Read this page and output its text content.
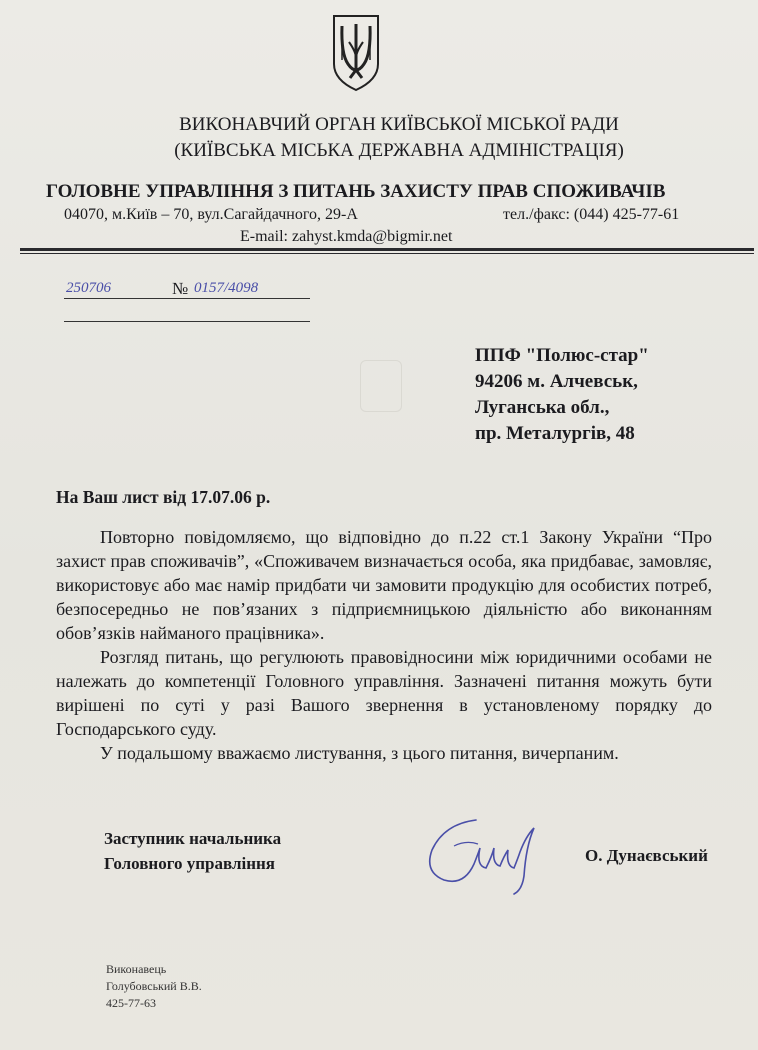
ВИКОНАВЧИЙ ОРГАН КИЇВСЬКОЇ МІСЬКОЇ РАДИ
(КИЇВСЬКА МІСЬКА ДЕРЖАВНА АДМІНІСТРАЦІЯ)
ГОЛОВНЕ УПРАВЛІННЯ З ПИТАНЬ ЗАХИСТУ ПРАВ СПОЖИВАЧІВ
04070, м.Київ – 70, вул.Сагайдачного, 29-А	тел./факс: (044) 425-77-61
E-mail: zahyst.kmda@bigmir.net
250706	№ 0157/4098
ППФ "Полюс-стар"
94206 м. Алчевськ,
Луганська обл.,
пр. Металургів, 48
На Ваш лист від 17.07.06 р.

Повторно повідомляємо, що відповідно до п.22 ст.1 Закону України “Про захист прав споживачів”, «Споживачем визначається особа, яка придбаває, замовляє, використовує або має намір придбати чи замовити продукцію для особистих потреб, безпосередньо не пов’язаних з підприємницькою діяльністю або виконанням обов’язків найманого працівника».

Розгляд питань, що регулюють правовідносини між юридичними особами не належать до компетенції Головного управління. Зазначені питання можуть бути вирішені по суті у разі Вашого звернення в установленому порядку до Господарського суду.

У подальшому вважаємо листування, з цього питання, вичерпаним.

Заступник начальника
Головного управління	О. Дунаєвський
Виконавець
Голубовський В.В.
425-77-63
